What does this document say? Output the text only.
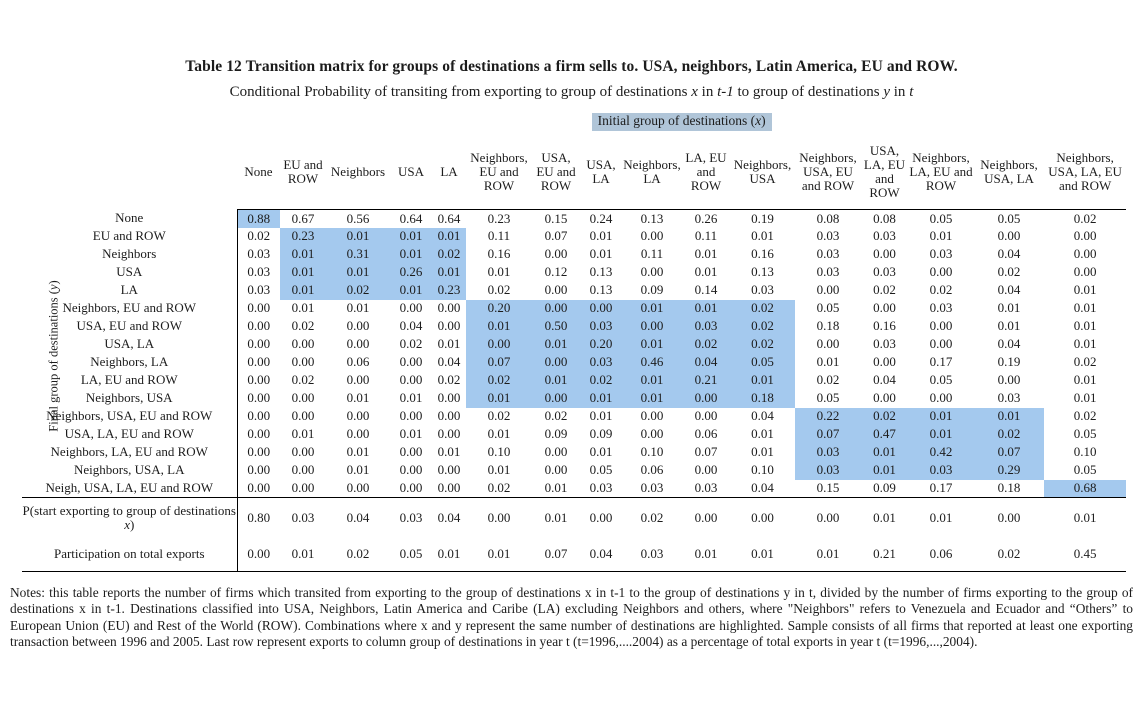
Table 12 Transition matrix for groups of destinations a firm sells to. USA, neighbors, Latin America, EU and ROW.
Conditional Probability of transiting from exporting to group of destinations x in t-1 to group of destinations y in t
Final group of destinations (y)
	Initial group of destinations (x)															
	None	EU and ROW	Neighbors	USA	LA	Neighbors, EU and ROW	USA, EU and ROW	USA, LA	Neighbors, LA	LA, EU and ROW	Neighbors, USA	Neighbors, USA, EU and ROW	USA, LA, EU and ROW	Neighbors, LA, EU and ROW	Neighbors, USA, LA	Neighbors, USA, LA, EU and ROW
None	0.88	0.67	0.56	0.64	0.64	0.23	0.15	0.24	0.13	0.26	0.19	0.08	0.08	0.05	0.05	0.02
EU and ROW	0.02	0.23	0.01	0.01	0.01	0.11	0.07	0.01	0.00	0.11	0.01	0.03	0.03	0.01	0.00	0.00
Neighbors	0.03	0.01	0.31	0.01	0.02	0.16	0.00	0.01	0.11	0.01	0.16	0.03	0.00	0.03	0.04	0.00
USA	0.03	0.01	0.01	0.26	0.01	0.01	0.12	0.13	0.00	0.01	0.13	0.03	0.03	0.00	0.02	0.00
LA	0.03	0.01	0.02	0.01	0.23	0.02	0.00	0.13	0.09	0.14	0.03	0.00	0.02	0.02	0.04	0.01
Neighbors, EU and ROW	0.00	0.01	0.01	0.00	0.00	0.20	0.00	0.00	0.01	0.01	0.02	0.05	0.00	0.03	0.01	0.01
USA, EU and ROW	0.00	0.02	0.00	0.04	0.00	0.01	0.50	0.03	0.00	0.03	0.02	0.18	0.16	0.00	0.01	0.01
USA, LA	0.00	0.00	0.00	0.02	0.01	0.00	0.01	0.20	0.01	0.02	0.02	0.00	0.03	0.00	0.04	0.01
Neighbors, LA	0.00	0.00	0.06	0.00	0.04	0.07	0.00	0.03	0.46	0.04	0.05	0.01	0.00	0.17	0.19	0.02
LA, EU and ROW	0.00	0.02	0.00	0.00	0.02	0.02	0.01	0.02	0.01	0.21	0.01	0.02	0.04	0.05	0.00	0.01
Neighbors, USA	0.00	0.00	0.01	0.01	0.00	0.01	0.00	0.01	0.01	0.00	0.18	0.05	0.00	0.00	0.03	0.01
Neighbors, USA, EU and ROW	0.00	0.00	0.00	0.00	0.00	0.02	0.02	0.01	0.00	0.00	0.04	0.22	0.02	0.01	0.01	0.02
USA, LA, EU and ROW	0.00	0.01	0.00	0.01	0.00	0.01	0.09	0.09	0.00	0.06	0.01	0.07	0.47	0.01	0.02	0.05
Neighbors, LA, EU and ROW	0.00	0.00	0.01	0.00	0.01	0.10	0.00	0.01	0.10	0.07	0.01	0.03	0.01	0.42	0.07	0.10
Neighbors, USA, LA	0.00	0.00	0.01	0.00	0.00	0.01	0.00	0.05	0.06	0.00	0.10	0.03	0.01	0.03	0.29	0.05
Neigh, USA, LA, EU and ROW	0.00	0.00	0.00	0.00	0.00	0.02	0.01	0.03	0.03	0.03	0.04	0.15	0.09	0.17	0.18	0.68
P(start exporting to group of destinations x)	0.80	0.03	0.04	0.03	0.04	0.00	0.01	0.00	0.02	0.00	0.00	0.00	0.01	0.01	0.00	0.01
Participation on total exports	0.00	0.01	0.02	0.05	0.01	0.01	0.07	0.04	0.03	0.01	0.01	0.01	0.21	0.06	0.02	0.45
Notes: this table reports the number of firms which transited from exporting to the group of destinations x in t-1 to the group of destinations y in t, divided by the number of firms exporting to the group of destinations x in t-1. Destinations classified into USA, Neighbors, Latin America and Caribe (LA) excluding Neighbors and others, where "Neighbors" refers to Venezuela and Ecuador and “Others” to European Union (EU) and Rest of the World (ROW). Combinations where x and y represent the same number of destinations are highlighted. Sample consists of all firms that reported at least one exporting transaction between 1996 and 2005. Last row represent exports to column group of destinations in year t (t=1996,....2004) as a percentage of total exports in year t (t=1996,...,2004).
